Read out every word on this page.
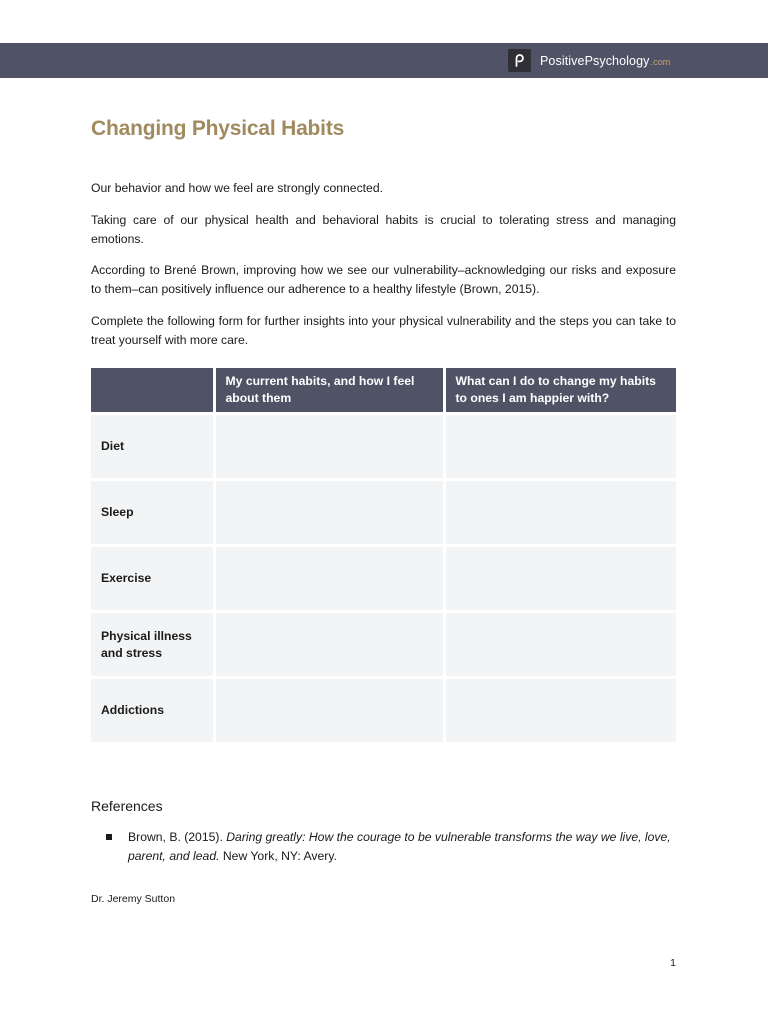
PositivePsychology.com
Changing Physical Habits

Our behavior and how we feel are strongly connected.

Taking care of our physical health and behavioral habits is crucial to tolerating stress and managing emotions.

According to Brené Brown, improving how we see our vulnerability–acknowledging our risks and exposure to them–can positively influence our adherence to a healthy lifestyle (Brown, 2015).

Complete the following form for further insights into your physical vulnerability and the steps you can take to treat yourself with more care.

	My current habits, and how I feel about them	What can I do to change my habits to ones I am happier with?
Diet		
Sleep		
Exercise		
Physical illness and stress		
Addictions		
References

Brown, B. (2015). Daring greatly: How the courage to be vulnerable transforms the way we live, love, parent, and lead. New York, NY: Avery.

Dr. Jeremy Sutton

1
